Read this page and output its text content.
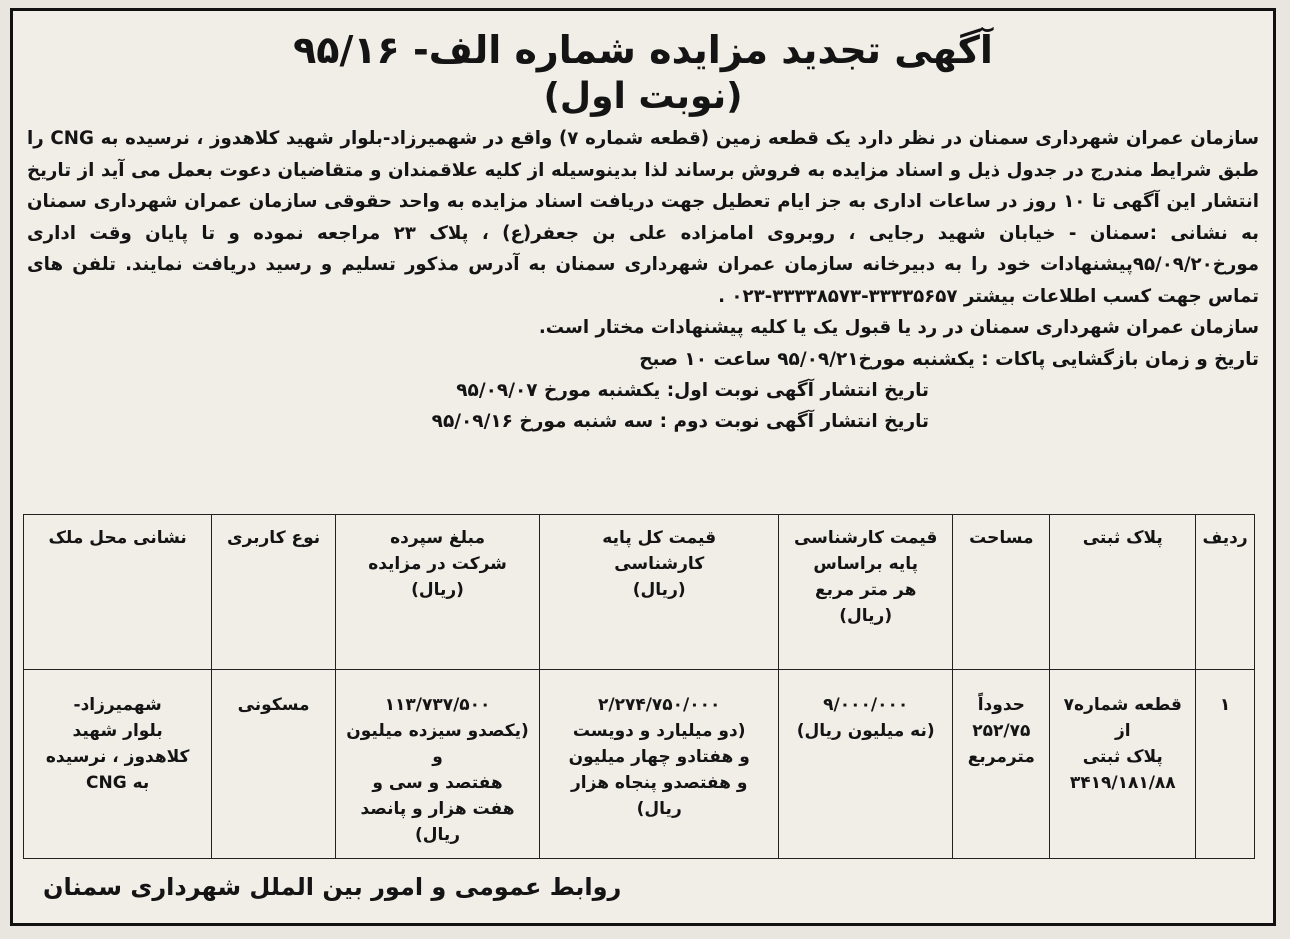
آگهی تجدید مزایده شماره الف- ۹۵/۱۶
(نوبت اول)

سازمان عمران شهرداری سمنان در نظر دارد یک قطعه زمین (قطعه شماره ۷) واقع در شهمیرزاد-بلوار شهید کلاهدوز ، نرسیده به CNG را طبق شرایط مندرج در جدول ذیل و اسناد مزایده به فروش برساند لذا بدینوسیله از کلیه علاقمندان و متقاضیان دعوت بعمل می آید از تاریخ انتشار این آگهی تا ۱۰ روز در ساعات اداری به جز ایام تعطیل جهت دریافت اسناد مزایده به واحد حقوقی سازمان عمران شهرداری سمنان به نشانی :سمنان - خیابان شهید رجایی ، روبروی امامزاده علی بن جعفر(ع) ، پلاک ۲۳ مراجعه نموده و تا پایان وقت اداری مورخ۹۵/۰۹/۲۰پیشنهادات خود را به دبیرخانه سازمان عمران شهرداری سمنان به آدرس مذکور تسلیم و رسید دریافت نمایند. تلفن های تماس جهت کسب اطلاعات بیشتر ۳۳۳۳۵۶۵۷-۳۳۳۳۸۵۷۳-۰۲۳ .

سازمان عمران شهرداری سمنان در رد یا قبول یک یا کلیه پیشنهادات مختار است.

تاریخ و زمان بازگشایی پاکات : یکشنبه مورخ۹۵/۰۹/۲۱ ساعت ۱۰ صبح
تاریخ انتشار آگهی نوبت اول: یکشنبه مورخ ۹۵/۰۹/۰۷
تاریخ انتشار آگهی نوبت دوم : سه شنبه مورخ ۹۵/۰۹/۱۶
ردیف	پلاک ثبتی	مساحت	قیمت کارشناسی
پایه براساس
هر متر مربع
(ریال)	قیمت کل پایه
کارشناسی
(ریال)	مبلغ سپرده
شرکت در مزایده
(ریال)	نوع کاربری	نشانی محل ملک
۱	قطعه شماره۷ از
پلاک ثبتی
۳۴۱۹/۱۸۱/۸۸	حدوداً
۲۵۲/۷۵
مترمربع	۹/۰۰۰/۰۰۰
(نه میلیون ریال)	۲/۲۷۴/۷۵۰/۰۰۰
(دو میلیارد و دویست
و هفتادو چهار میلیون
و هفتصدو پنجاه هزار ریال)	۱۱۳/۷۳۷/۵۰۰
(یکصدو سیزده میلیون و
هفتصد و سی و
هفت هزار و پانصد ریال)	مسکونی	شهمیرزاد-
بلوار شهید
کلاهدوز ، نرسیده
به CNG
روابط عمومی و امور بین الملل شهرداری سمنان
